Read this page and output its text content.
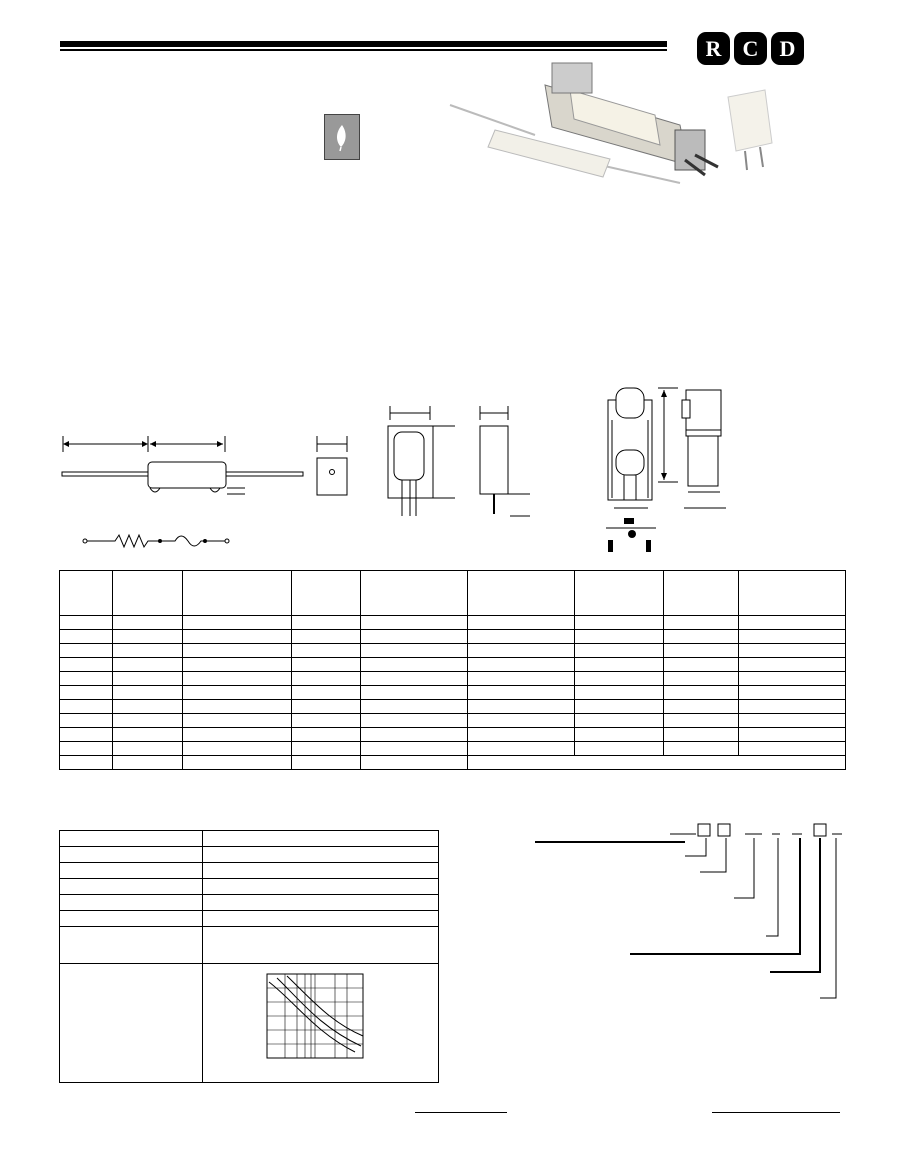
R C D
